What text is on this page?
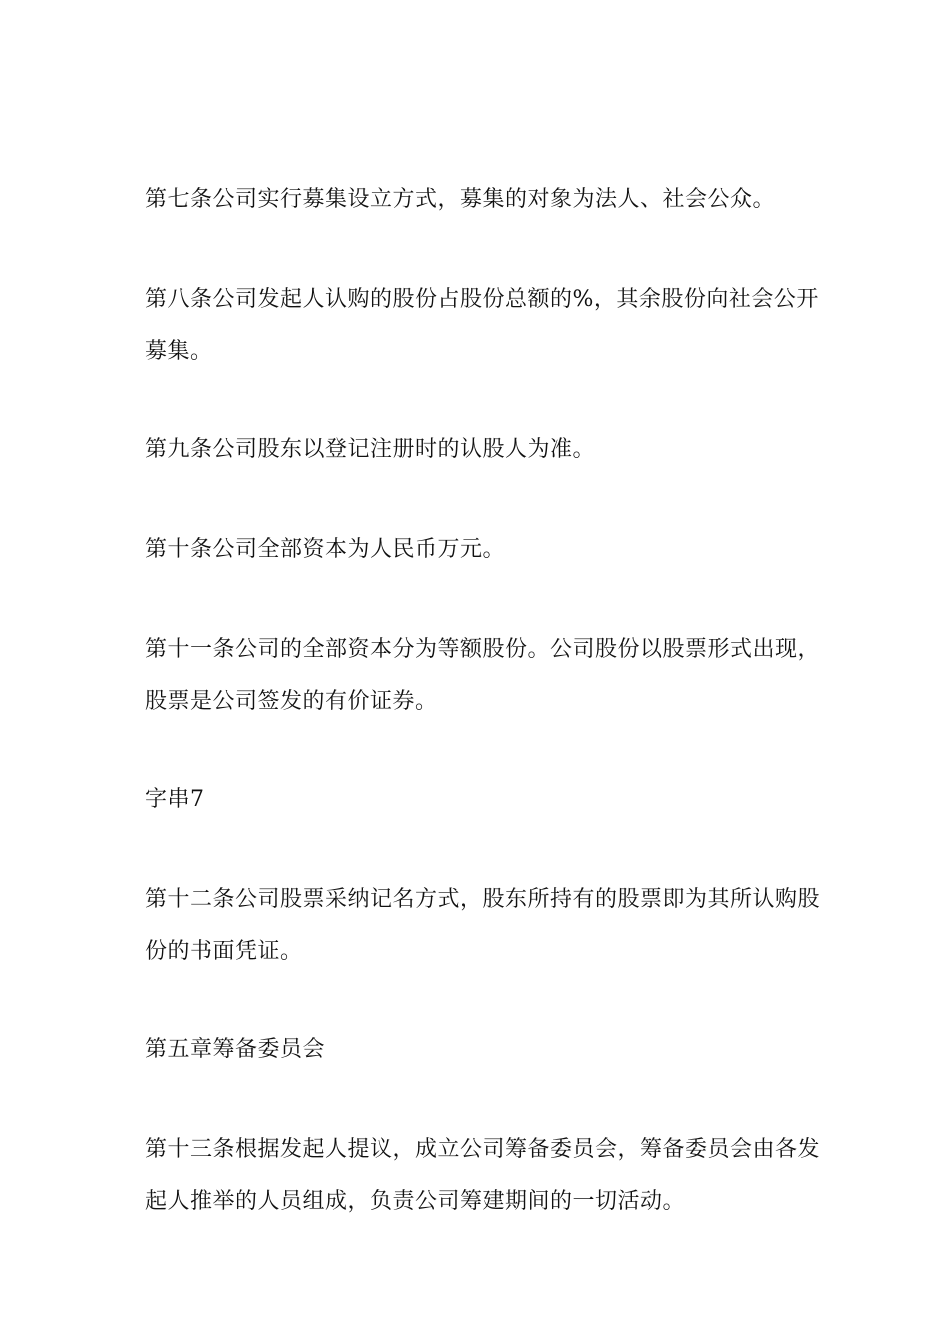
第七条公司实行募集设立方式，募集的对象为法人、社会公众。

第八条公司发起人认购的股份占股份总额的%，其余股份向社会公开募集。

第九条公司股东以登记注册时的认股人为准。

第十条公司全部资本为人民币万元。

第十一条公司的全部资本分为等额股份。公司股份以股票形式出现，股票是公司签发的有价证券。

字串7

第十二条公司股票采纳记名方式，股东所持有的股票即为其所认购股份的书面凭证。

第五章筹备委员会

第十三条根据发起人提议，成立公司筹备委员会，筹备委员会由各发起人推举的人员组成，负责公司筹建期间的一切活动。
